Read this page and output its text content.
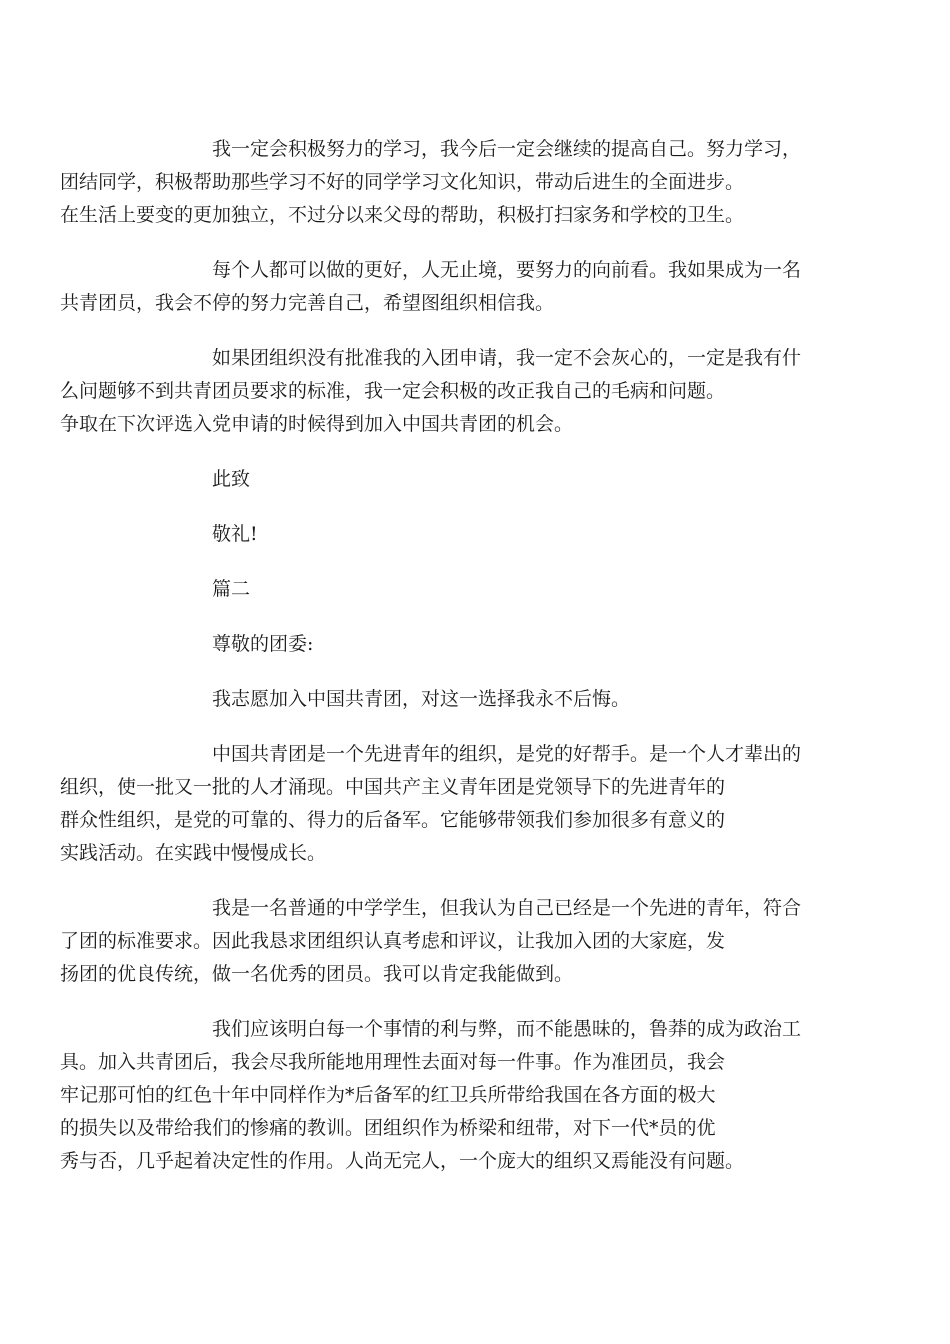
我一定会积极努力的学习，我今后一定会继续的提高自己。努力学习，
团结同学，积极帮助那些学习不好的同学学习文化知识，带动后进生的全面进步。
在生活上要变的更加独立，不过分以来父母的帮助，积极打扫家务和学校的卫生。

每个人都可以做的更好，人无止境，要努力的向前看。我如果成为一名
共青团员，我会不停的努力完善自己，希望图组织相信我。

如果团组织没有批准我的入团申请，我一定不会灰心的，一定是我有什
么问题够不到共青团员要求的标准，我一定会积极的改正我自己的毛病和问题。
争取在下次评选入党申请的时候得到加入中国共青团的机会。

此致

敬礼!

篇二

尊敬的团委:

我志愿加入中国共青团，对这一选择我永不后悔。

中国共青团是一个先进青年的组织，是党的好帮手。是一个人才辈出的
组织，使一批又一批的人才涌现。中国共产主义青年团是党领导下的先进青年的
群众性组织，是党的可靠的、得力的后备军。它能够带领我们参加很多有意义的
实践活动。在实践中慢慢成长。

我是一名普通的中学学生，但我认为自己已经是一个先进的青年，符合
了团的标准要求。因此我恳求团组织认真考虑和评议，让我加入团的大家庭，发
扬团的优良传统，做一名优秀的团员。我可以肯定我能做到。

我们应该明白每一个事情的利与弊，而不能愚昧的，鲁莽的成为政治工
具。加入共青团后，我会尽我所能地用理性去面对每一件事。作为准团员，我会
牢记那可怕的红色十年中同样作为*后备军的红卫兵所带给我国在各方面的极大
的损失以及带给我们的惨痛的教训。团组织作为桥梁和纽带，对下一代*员的优
秀与否，几乎起着决定性的作用。人尚无完人，一个庞大的组织又焉能没有问题。
